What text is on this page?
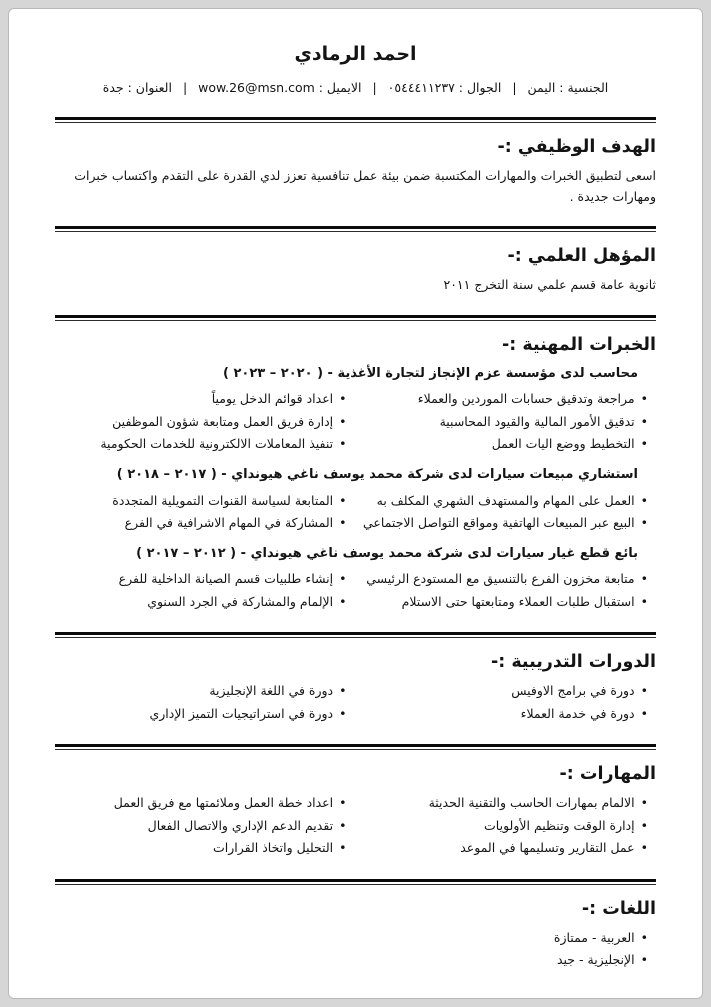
احمد الرمادي
الجنسية : اليمن | الجوال : ٠٥٤٤٤١١٢٣٧ | الايميل : wow.26@msn.com | العنوان : جدة
الهدف الوظيفي :-
اسعى لتطبيق الخبرات والمهارات المكتسبة ضمن بيئة عمل تنافسية تعزز لدي القدرة على التقدم واكتساب خبرات ومهارات جديدة .
المؤهل العلمي :-
ثانوية عامة قسم علمي سنة التخرج ٢٠١١
الخبرات المهنية :-
محاسب لدى مؤسسة عزم الإنجاز لتجارة الأغذية - ( ٢٠٢٠ – ٢٠٢٣ )
•
مراجعة وتدقيق حسابات الموردين والعملاء
•
تدقيق الأمور المالية والقيود المحاسبية
•
التخطيط ووضع اليات العمل
•
اعداد قوائم الدخل يومياً
•
إدارة فريق العمل ومتابعة شؤون الموظفين
•
تنفيذ المعاملات الالكترونية للخدمات الحكومية
استشاري مبيعات سيارات لدى شركة محمد يوسف ناغي هيونداي - ( ٢٠١٧ – ٢٠١٨ )
•
العمل على المهام والمستهدف الشهري المكلف به
•
البيع عبر المبيعات الهاتفية ومواقع التواصل الاجتماعي
•
المتابعة لسياسة القنوات التمويلية المتجددة
•
المشاركة في المهام الاشرافية في الفرع
بائع قطع غيار سيارات لدى شركة محمد يوسف ناغي هيونداي - ( ٢٠١٢ – ٢٠١٧ )
•
متابعة مخزون الفرع بالتنسيق مع المستودع الرئيسي
•
استقبال طلبات العملاء ومتابعتها حتى الاستلام
•
إنشاء طلبيات قسم الصيانة الداخلية للفرع
•
الإلمام والمشاركة في الجرد السنوي
الدورات التدريبية :-
•
دورة في برامج الاوفيس
•
دورة في خدمة العملاء
•
دورة في اللغة الإنجليزية
•
دورة في استراتيجيات التميز الإداري
المهارات :-
•
الالمام بمهارات الحاسب والتقنية الحديثة
•
إدارة الوقت وتنظيم الأولويات
•
عمل التقارير وتسليمها في الموعد
•
اعداد خطة العمل وملائمتها مع فريق العمل
•
تقديم الدعم الإداري والاتصال الفعال
•
التحليل واتخاذ القرارات
اللغات :-
•
العربية - ممتازة
•
الإنجليزية - جيد
